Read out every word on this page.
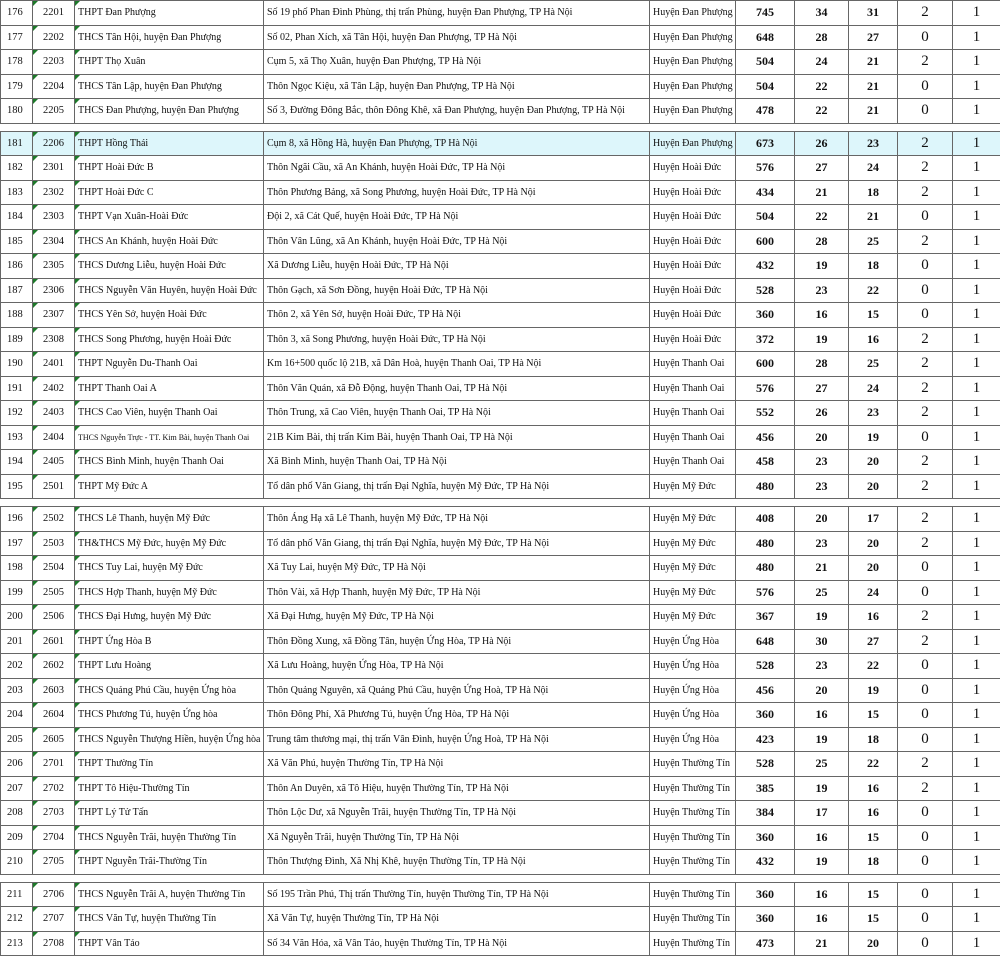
176	2201	THPT Đan Phượng	Số 19 phố Phan Đình Phùng, thị trấn Phùng, huyện Đan Phượng, TP Hà Nội	Huyện Đan Phượng	745	34	31	2	1
177	2202	THCS Tân Hội, huyện Đan Phượng	Số 02, Phan Xích, xã Tân Hội, huyện Đan Phượng, TP Hà Nội	Huyện Đan Phượng	648	28	27	0	1
178	2203	THPT Thọ Xuân	Cụm 5, xã Thọ Xuân, huyện Đan Phượng, TP Hà Nội	Huyện Đan Phượng	504	24	21	2	1
179	2204	THCS Tân Lập, huyện Đan Phượng	Thôn Ngọc Kiệu, xã Tân Lập, huyện Đan Phượng, TP Hà Nội	Huyện Đan Phượng	504	22	21	0	1
180	2205	THCS Đan Phượng, huyện Đan Phượng	Số 3, Đường Đông Bắc, thôn Đông Khê, xã Đan Phượng, huyện Đan Phượng, TP Hà Nội	Huyện Đan Phượng	478	22	21	0	1

181	2206	THPT Hồng Thái	Cụm 8, xã Hồng Hà, huyện Đan Phượng, TP Hà Nội	Huyện Đan Phượng	673	26	23	2	1
182	2301	THPT Hoài Đức B	Thôn Ngãi Cầu, xã An Khánh, huyện Hoài Đức, TP Hà Nội	Huyện Hoài Đức	576	27	24	2	1
183	2302	THPT Hoài Đức C	Thôn Phương Bảng, xã Song Phương, huyện Hoài Đức, TP Hà Nội	Huyện Hoài Đức	434	21	18	2	1
184	2303	THPT Vạn Xuân-Hoài Đức	Đội 2, xã Cát Quế, huyện Hoài Đức, TP Hà Nội	Huyện Hoài Đức	504	22	21	0	1
185	2304	THCS An Khánh, huyện Hoài Đức	Thôn Vân Lũng, xã An Khánh, huyện Hoài Đức, TP Hà Nội	Huyện Hoài Đức	600	28	25	2	1
186	2305	THCS Dương Liễu, huyện Hoài Đức	Xã Dương Liễu, huyện Hoài Đức, TP Hà Nội	Huyện Hoài Đức	432	19	18	0	1
187	2306	THCS Nguyễn Văn Huyên, huyện Hoài Đức	Thôn Gạch, xã Sơn Đồng, huyện Hoài Đức, TP Hà Nội	Huyện Hoài Đức	528	23	22	0	1
188	2307	THCS Yên Sở, huyện Hoài Đức	Thôn 2, xã Yên Sở, huyện Hoài Đức, TP Hà Nội	Huyện Hoài Đức	360	16	15	0	1
189	2308	THCS Song Phương, huyện Hoài Đức	Thôn 3, xã Song Phương, huyện Hoài Đức, TP Hà Nội	Huyện Hoài Đức	372	19	16	2	1
190	2401	THPT Nguyễn Du-Thanh Oai	Km 16+500 quốc lộ 21B, xã Dân Hoà, huyện Thanh Oai, TP Hà Nội	Huyện Thanh Oai	600	28	25	2	1
191	2402	THPT Thanh Oai A	Thôn Văn Quán, xã Đỗ Động, huyện Thanh Oai, TP Hà Nội	Huyện Thanh Oai	576	27	24	2	1
192	2403	THCS Cao Viên, huyện Thanh Oai	Thôn Trung, xã Cao Viên, huyện Thanh Oai, TP Hà Nội	Huyện Thanh Oai	552	26	23	2	1
193	2404	THCS Nguyễn Trực - TT. Kim Bài, huyện Thanh Oai	21B Kim Bài, thị trấn Kim Bài, huyện Thanh Oai, TP Hà Nội	Huyện Thanh Oai	456	20	19	0	1
194	2405	THCS Bình Minh, huyện Thanh Oai	Xã Bình Minh, huyện Thanh Oai, TP Hà Nội	Huyện Thanh Oai	458	23	20	2	1
195	2501	THPT Mỹ Đức A	Tổ dân phố Văn Giang, thị trấn Đại Nghĩa, huyện Mỹ Đức, TP Hà Nội	Huyện Mỹ Đức	480	23	20	2	1

196	2502	THCS Lê Thanh, huyện Mỹ Đức	Thôn Áng Hạ xã Lê Thanh, huyện Mỹ Đức, TP Hà Nội	Huyện Mỹ Đức	408	20	17	2	1
197	2503	TH&THCS Mỹ Đức, huyện Mỹ Đức	Tổ dân phố Văn Giang, thị trấn Đại Nghĩa, huyện Mỹ Đức, TP Hà Nội	Huyện Mỹ Đức	480	23	20	2	1
198	2504	THCS Tuy Lai, huyện Mỹ Đức	Xã Tuy Lai, huyện Mỹ Đức, TP Hà Nội	Huyện Mỹ Đức	480	21	20	0	1
199	2505	THCS Hợp Thanh, huyện Mỹ Đức	Thôn Vài, xã Hợp Thanh, huyện Mỹ Đức, TP Hà Nội	Huyện Mỹ Đức	576	25	24	0	1
200	2506	THCS Đại Hưng, huyện Mỹ Đức	Xã Đại Hưng, huyện Mỹ Đức, TP Hà Nội	Huyện Mỹ Đức	367	19	16	2	1
201	2601	THPT Ứng Hòa B	Thôn Đồng Xung, xã Đồng Tân, huyện Ứng Hòa, TP Hà Nội	Huyện Ứng Hòa	648	30	27	2	1
202	2602	THPT Lưu Hoàng	Xã Lưu Hoàng, huyện Ứng Hòa, TP Hà Nội	Huyện Ứng Hòa	528	23	22	0	1
203	2603	THCS Quảng Phú Cầu, huyện Ứng hòa	Thôn Quảng Nguyên, xã Quảng Phú Cầu, huyện Ứng Hoà, TP Hà Nội	Huyện Ứng Hòa	456	20	19	0	1
204	2604	THCS Phương Tú, huyện Ứng hòa	Thôn Đông Phí, Xã Phương Tú, huyện Ứng Hòa, TP Hà Nội	Huyện Ứng Hòa	360	16	15	0	1
205	2605	THCS Nguyễn Thượng Hiền, huyện Ứng hòa	Trung tâm thương mại, thị trấn Vân Đình, huyện Ứng Hoà, TP Hà Nội	Huyện Ứng Hòa	423	19	18	0	1
206	2701	THPT Thường Tín	Xã Văn Phú, huyện Thường Tín, TP Hà Nội	Huyện Thường Tín	528	25	22	2	1
207	2702	THPT Tô Hiệu-Thường Tín	Thôn An Duyên, xã Tô Hiệu, huyện Thường Tín, TP Hà Nội	Huyện Thường Tín	385	19	16	2	1
208	2703	THPT Lý Tử Tấn	Thôn Lộc Dư, xã Nguyễn Trãi, huyện Thường Tín, TP Hà Nội	Huyện Thường Tín	384	17	16	0	1
209	2704	THCS Nguyễn Trãi, huyện Thường Tín	Xã Nguyễn Trãi, huyện Thường Tín, TP Hà Nội	Huyện Thường Tín	360	16	15	0	1
210	2705	THPT Nguyễn Trãi-Thường Tín	Thôn Thượng Đình, Xã Nhị Khê, huyện Thường Tín, TP Hà Nội	Huyện Thường Tín	432	19	18	0	1

211	2706	THCS Nguyễn Trãi A, huyện Thường Tín	Số 195 Trần Phú, Thị trấn Thường Tín, huyện Thường Tín, TP Hà Nội	Huyện Thường Tín	360	16	15	0	1
212	2707	THCS Văn Tự, huyện Thường Tín	Xã Văn Tự, huyện Thường Tín, TP Hà Nội	Huyện Thường Tín	360	16	15	0	1
213	2708	THPT Vân Tảo	Số 34 Văn Hóa, xã Vân Tảo, huyện Thường Tín, TP Hà Nội	Huyện Thường Tín	473	21	20	0	1
